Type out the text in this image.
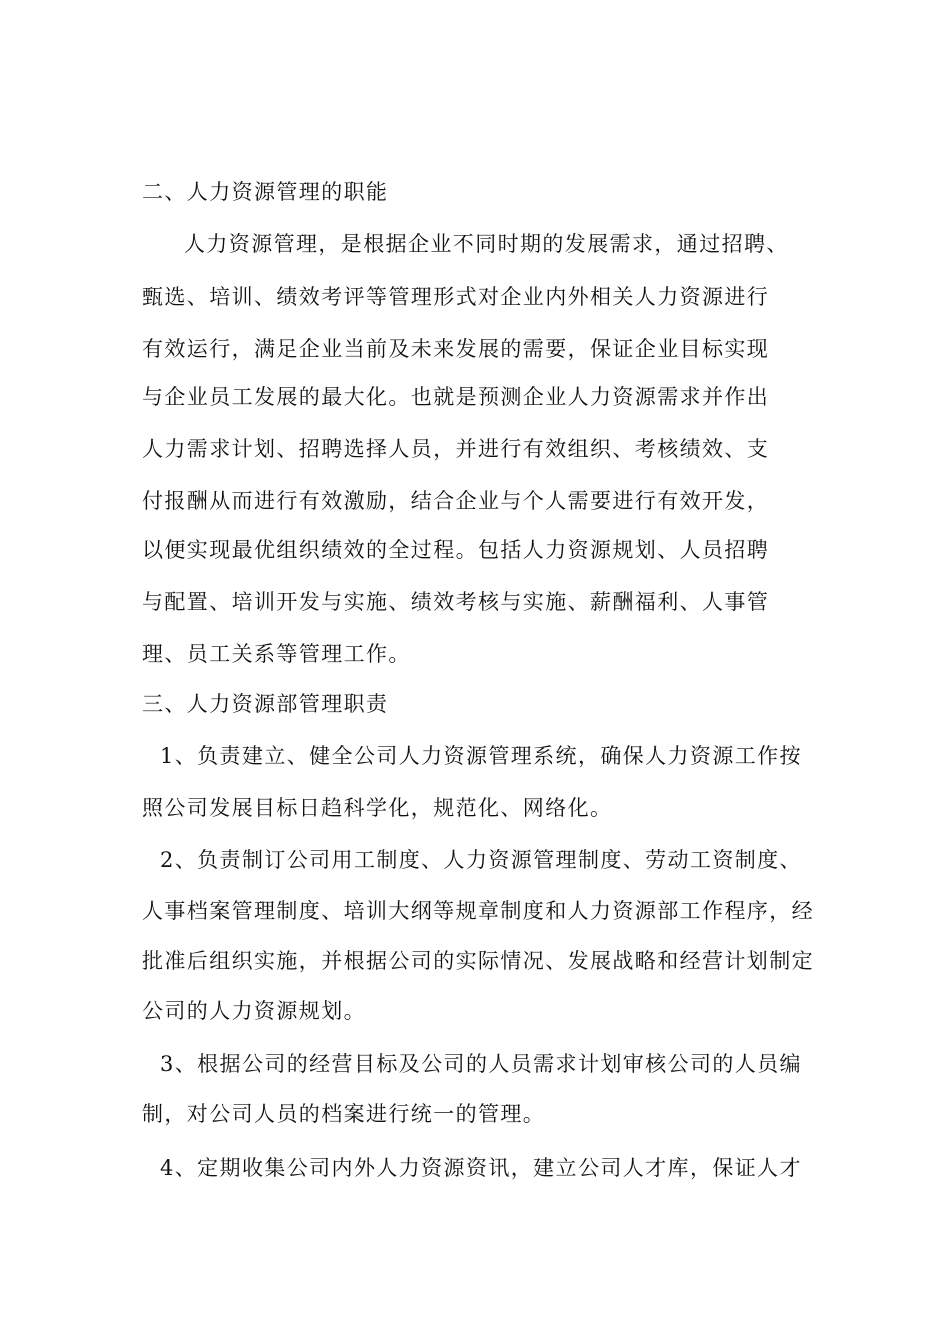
二、人力资源管理的职能
人力资源管理，是根据企业不同时期的发展需求，通过招聘、
甄选、培训、绩效考评等管理形式对企业内外相关人力资源进行
有效运行，满足企业当前及未来发展的需要，保证企业目标实现
与企业员工发展的最大化。也就是预测企业人力资源需求并作出
人力需求计划、招聘选择人员，并进行有效组织、考核绩效、支
付报酬从而进行有效激励，结合企业与个人需要进行有效开发，
以便实现最优组织绩效的全过程。包括人力资源规划、人员招聘
与配置、培训开发与实施、绩效考核与实施、薪酬福利、人事管
理、员工关系等管理工作。
三、人力资源部管理职责
1、负责建立、健全公司人力资源管理系统，确保人力资源工作按
照公司发展目标日趋科学化，规范化、网络化。
2、负责制订公司用工制度、人力资源管理制度、劳动工资制度、
人事档案管理制度、培训大纲等规章制度和人力资源部工作程序，经
批准后组织实施，并根据公司的实际情况、发展战略和经营计划制定
公司的人力资源规划。
3、根据公司的经营目标及公司的人员需求计划审核公司的人员编
制，对公司人员的档案进行统一的管理。
4、定期收集公司内外人力资源资讯，建立公司人才库，保证人才
